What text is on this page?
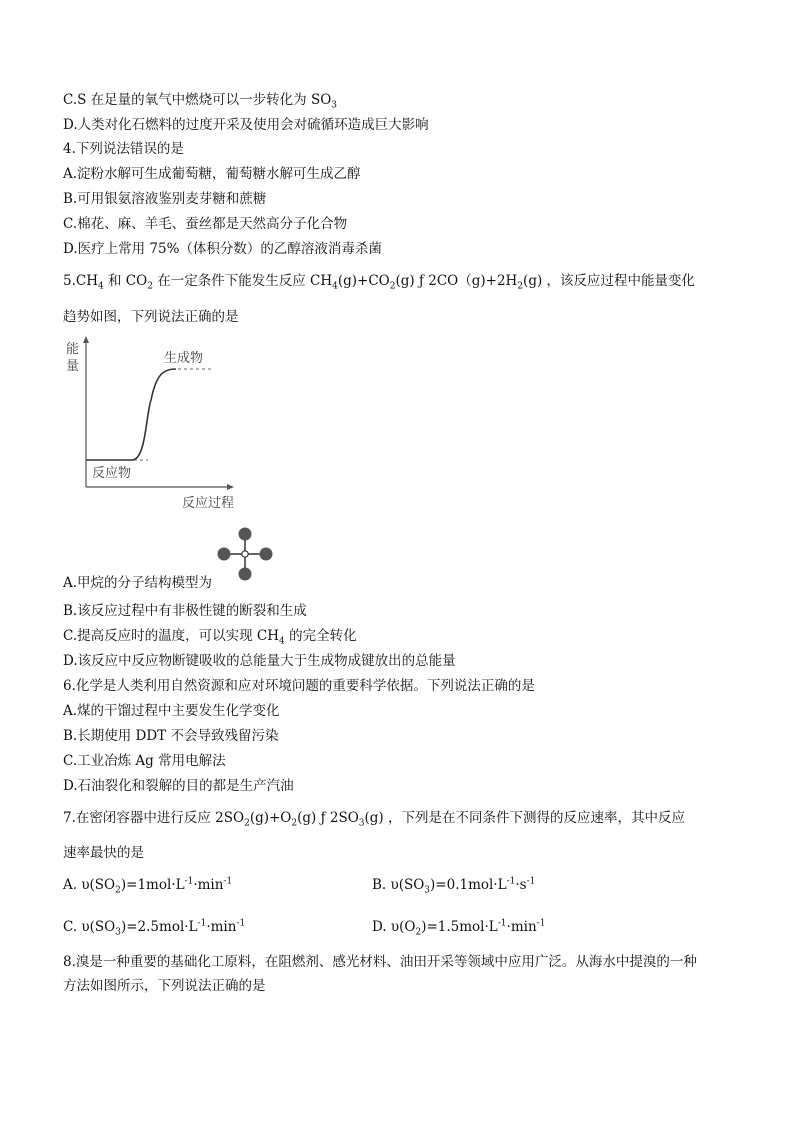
C.S 在足量的氧气中燃烧可以一步转化为 $SO_3$
D.人类对化石燃料的过度开采及使用会对硫循环造成巨大影响
4.下列说法错误的是
A.淀粉水解可生成葡萄糖，葡萄糖水解可生成乙醇
B.可用银氨溶液鉴别麦芽糖和蔗糖
C.棉花、麻、羊毛、蚕丝都是天然高分子化合物
D.医疗上常用 75%（体积分数）的乙醇溶液消毒杀菌
$5.CH_4$ 和 $CO_2$ 在一定条件下能发生反应 $CH_4(g)+CO_2(g)$ ƒ $2CO(g)+2H_2(g)$ ，该反应过程中能量变化
趋势如图，下列说法正确的是
能
量
生成物
反应物
反应过程
A.甲烷的分子结构模型为
B.该反应过程中有非极性键的断裂和生成
C.提高反应时的温度，可以实现 $CH_4$ 的完全转化
D.该反应中反应物断键吸收的总能量大于生成物成键放出的总能量
6.化学是人类利用自然资源和应对环境问题的重要科学依据。下列说法正确的是
A.煤的干馏过程中主要发生化学变化
B.长期使用 DDT 不会导致残留污染
C.工业冶炼 Ag 常用电解法
D.石油裂化和裂解的目的都是生产汽油
7.在密闭容器中进行反应 $2SO_2(g)+O_2(g)$ ƒ $2SO_3(g)$ ，下列是在不同条件下测得的反应速率，其中反应
速率最快的是
A. $\upsilon(SO_2)=1mol\cdot L^{-1}\cdot\min^{-1}$	B. $\upsilon(SO_3)=0.1mol\cdot L^{-1}\cdot s^{-1}$
C. $\upsilon(SO_3)=2.5mol\cdot L^{-1}\cdot\min^{-1}$	D. $\upsilon(O_2)=1.5mol\cdot L^{-1}\cdot\min^{-1}$
8.溴是一种重要的基础化工原料，在阻燃剂、感光材料、油田开采等领域中应用广泛。从海水中提溴的一种
方法如图所示，下列说法正确的是
